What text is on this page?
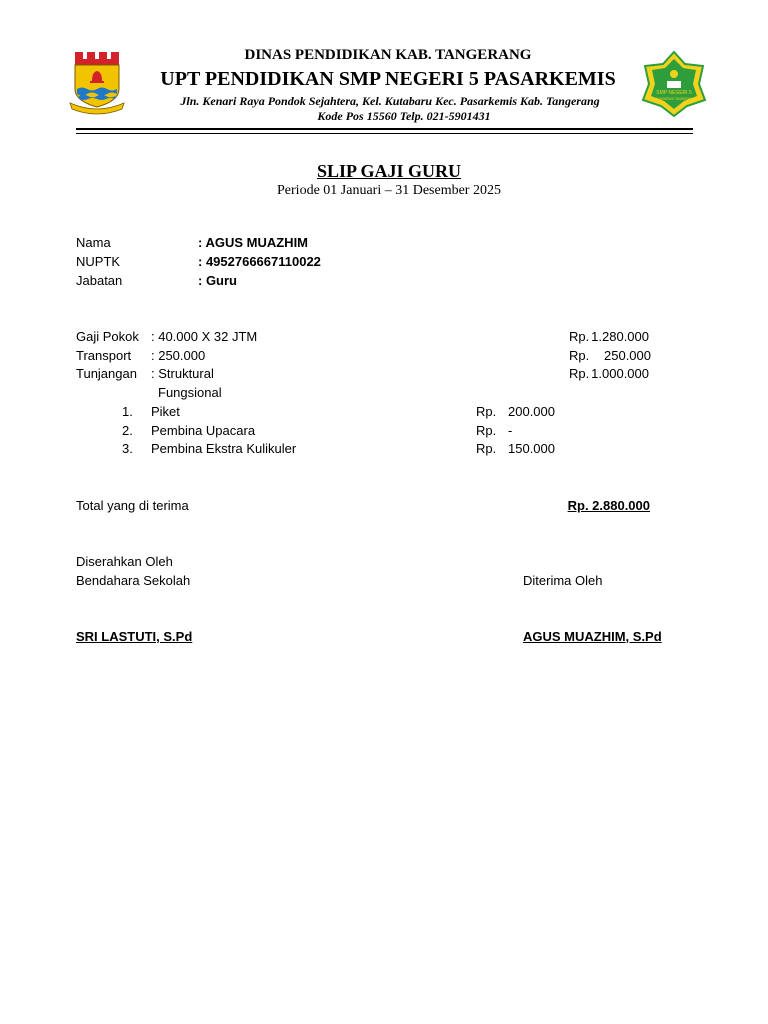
DINAS PENDIDIKAN KAB. TANGERANG
UPT PENDIDIKAN SMP NEGERI 5 PASARKEMIS
Jln. Kenari Raya Pondok Sejahtera, Kel. Kutabaru Kec. Pasarkemis Kab. Tangerang
Kode Pos 15560 Telp. 021-5901431
SMP NEGERI 5
PASARKEMIS TANGERANG
SLIP GAJI GURU
Periode 01 Januari – 31 Desember 2025
Nama	: AGUS MUAZHIM
NUPTK	: 4952766667110022
Jabatan	: Guru
Gaji Pokok : 40.000 X 32 JTM	Rp. 1.280.000
Transport : 250.000	Rp. 250.000
Tunjangan : Struktural	Rp. 1.000.000
Fungsional
1. Piket	Rp. 200.000
2. Pembina Upacara	Rp. -
3. Pembina Ekstra Kulikuler	Rp. 150.000
Total yang di terima	Rp. 2.880.000
Diserahkan Oleh
Bendahara Sekolah	Diterima Oleh
SRI LASTUTI, S.Pd	AGUS MUAZHIM, S.Pd
